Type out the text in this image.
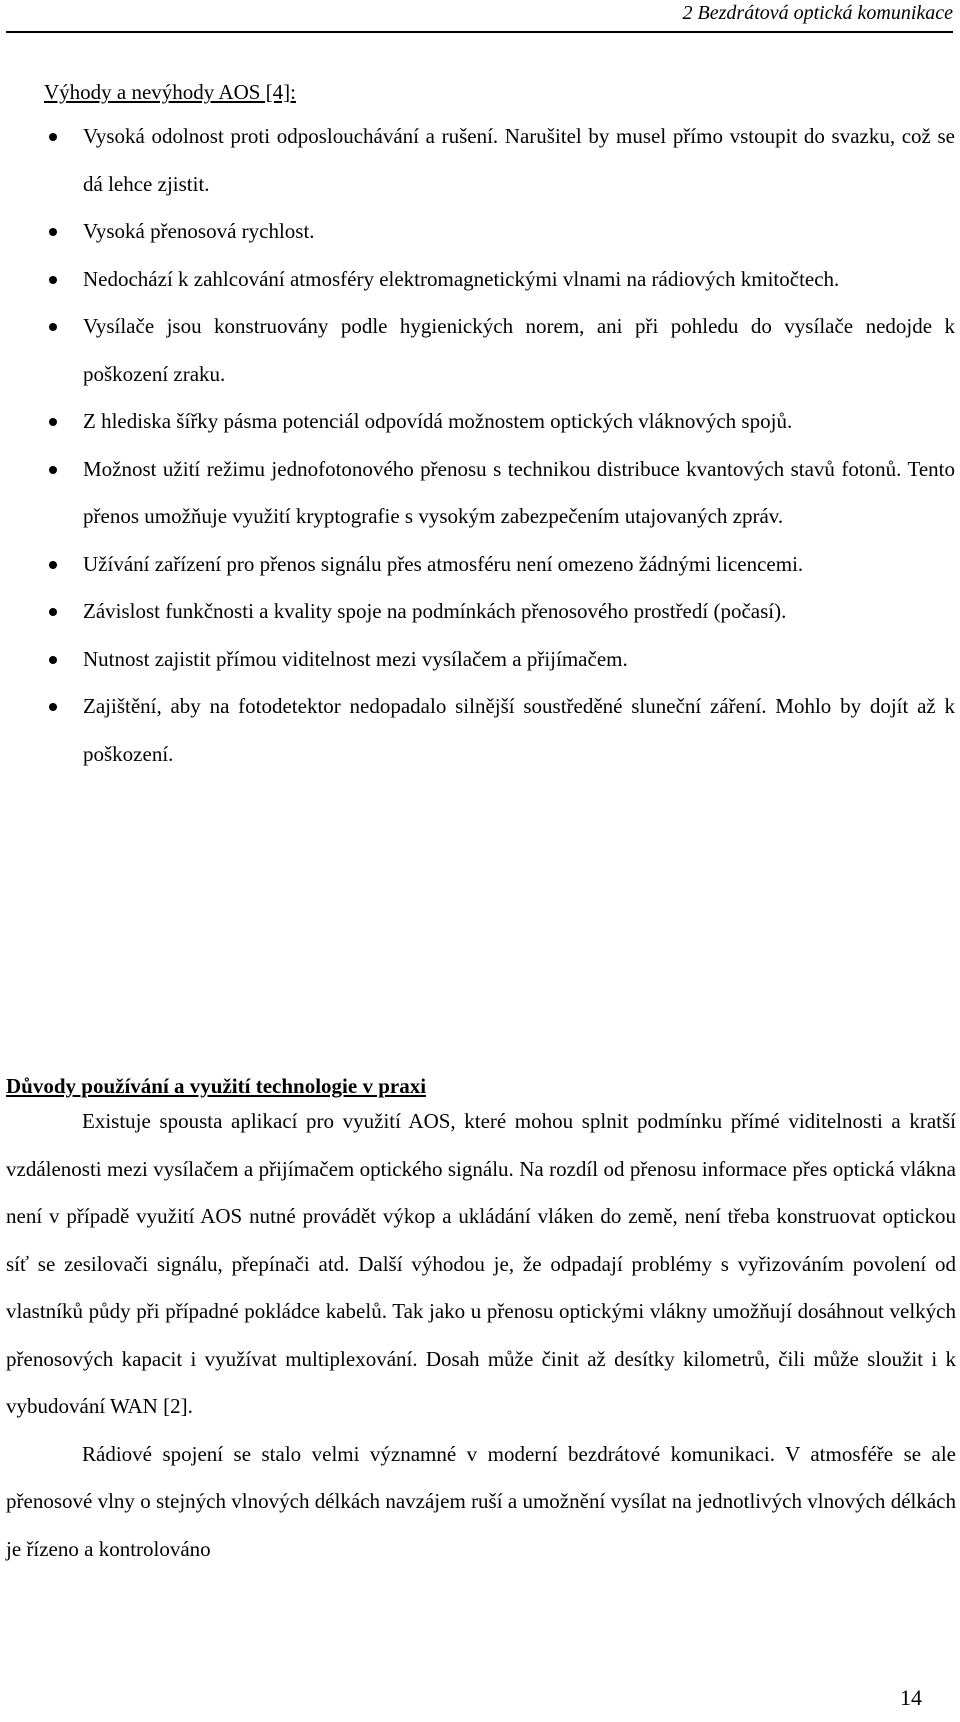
2 Bezdrátová optická komunikace
Výhody a nevýhody AOS [4]:
Vysoká odolnost proti odposlouchávání a rušení. Narušitel by musel přímo vstoupit do svazku, což se dá lehce zjistit.
Vysoká přenosová rychlost.
Nedochází k zahlcování atmosféry elektromagnetickými vlnami na rádiových kmitočtech.
Vysílače jsou konstruovány podle hygienických norem, ani při pohledu do vysílače nedojde k poškození zraku.
Z hlediska šířky pásma potenciál odpovídá možnostem optických vláknových spojů.
Možnost užití režimu jednofotonového přenosu s technikou distribuce kvantových stavů fotonů. Tento přenos umožňuje využití kryptografie s vysokým zabezpečením utajovaných zpráv.
Užívání zařízení pro přenos signálu přes atmosféru není omezeno žádnými licencemi.
Závislost funkčnosti a kvality spoje na podmínkách přenosového prostředí (počasí).
Nutnost zajistit přímou viditelnost mezi vysílačem a přijímačem.
Zajištění, aby na fotodetektor nedopadalo silnější soustředěné sluneční záření. Mohlo by dojít až k poškození.
Důvody používání a využití technologie v praxi

Existuje spousta aplikací pro využití AOS, které mohou splnit podmínku přímé viditelnosti a kratší vzdálenosti mezi vysílačem a přijímačem optického signálu. Na rozdíl od přenosu informace přes optická vlákna není v případě využití AOS nutné provádět výkop a ukládání vláken do země, není třeba konstruovat optickou síť se zesilovači signálu, přepínači atd. Další výhodou je, že odpadají problémy s vyřizováním povolení od vlastníků půdy při případné pokládce kabelů. Tak jako u přenosu optickými vlákny umožňují dosáhnout velkých přenosových kapacit i využívat multiplexování. Dosah může činit až desítky kilometrů, čili může sloužit i k vybudování WAN [2].

Rádiové spojení se stalo velmi významné v moderní bezdrátové komunikaci. V atmosféře se ale přenosové vlny o stejných vlnových délkách navzájem ruší a umožnění vysílat na jednotlivých vlnových délkách je řízeno a kontrolováno

14
